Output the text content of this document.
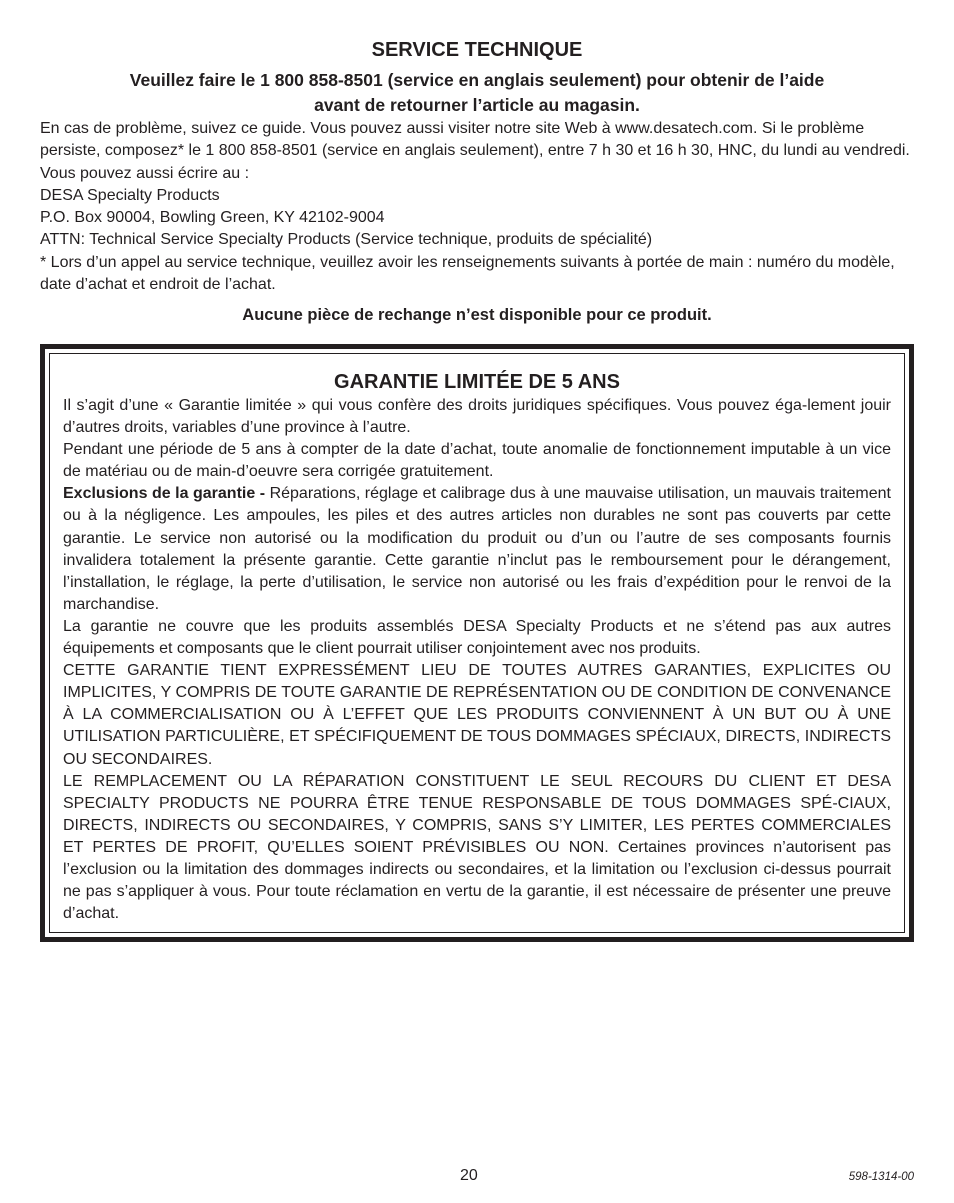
SERVICE TECHNIQUE
Veuillez faire le 1 800 858-8501 (service en anglais seulement) pour obtenir de l’aide
avant de retourner l’article au magasin.

En cas de problème, suivez ce guide. Vous pouvez aussi visiter notre site Web à www.desatech.com. Si le problème persiste, composez* le 1 800 858-8501 (service en anglais seulement), entre 7 h 30 et 16 h 30, HNC, du lundi au vendredi. Vous pouvez aussi écrire au :

DESA Specialty Products

P.O. Box 90004, Bowling Green, KY 42102-9004

ATTN: Technical Service Specialty Products (Service technique, produits de spécialité)

* Lors d’un appel au service technique, veuillez avoir les renseignements suivants à portée de main : numéro du modèle, date d’achat et endroit de l’achat.

Aucune pièce de rechange n’est disponible pour ce produit.

GARANTIE LIMITÉE DE 5 ANS

Il s’agit d’une « Garantie limitée » qui vous confère des droits juridiques spécifiques. Vous pouvez éga-lement jouir d’autres droits, variables d’une province à l’autre.

Pendant une période de 5 ans à compter de la date d’achat, toute anomalie de fonctionnement imputable à un vice de matériau ou de main-d’oeuvre sera corrigée gratuitement.

Exclusions de la garantie - Réparations, réglage et calibrage dus à une mauvaise utilisation, un mauvais traitement ou à la négligence. Les ampoules, les piles et des autres articles non durables ne sont pas couverts par cette garantie. Le service non autorisé ou la modification du produit ou d’un ou l’autre de ses composants fournis invalidera totalement la présente garantie. Cette garantie n’inclut pas le remboursement pour le dérangement, l’installation, le réglage, la perte d’utilisation, le service non autorisé ou les frais d’expédition pour le renvoi de la marchandise.

La garantie ne couvre que les produits assemblés DESA Specialty Products et ne s’étend pas aux autres équipements et composants que le client pourrait utiliser conjointement avec nos produits.

CETTE GARANTIE TIENT EXPRESSÉMENT LIEU DE TOUTES AUTRES GARANTIES, EXPLICITES OU IMPLICITES, Y COMPRIS DE TOUTE GARANTIE DE REPRÉSENTATION OU DE CONDITION DE CONVENANCE À LA COMMERCIALISATION OU À L’EFFET QUE LES PRODUITS CONVIENNENT À UN BUT OU À UNE UTILISATION PARTICULIÈRE, ET SPÉCIFIQUEMENT DE TOUS DOMMAGES SPÉCIAUX, DIRECTS, INDIRECTS OU SECONDAIRES.

LE REMPLACEMENT OU LA RÉPARATION CONSTITUENT LE SEUL RECOURS DU CLIENT ET DESA SPECIALTY PRODUCTS NE POURRA ÊTRE TENUE RESPONSABLE DE TOUS DOMMAGES SPÉ-CIAUX, DIRECTS, INDIRECTS OU SECONDAIRES, Y COMPRIS, SANS S’Y LIMITER, LES PERTES COMMERCIALES ET PERTES DE PROFIT, QU’ELLES SOIENT PRÉVISIBLES OU NON. Certaines provinces n’autorisent pas l’exclusion ou la limitation des dommages indirects ou secondaires, et la limitation ou l’exclusion ci-dessus pourrait ne pas s’appliquer à vous. Pour toute réclamation en vertu de la garantie, il est nécessaire de présenter une preuve d’achat.

20	598-1314-00
